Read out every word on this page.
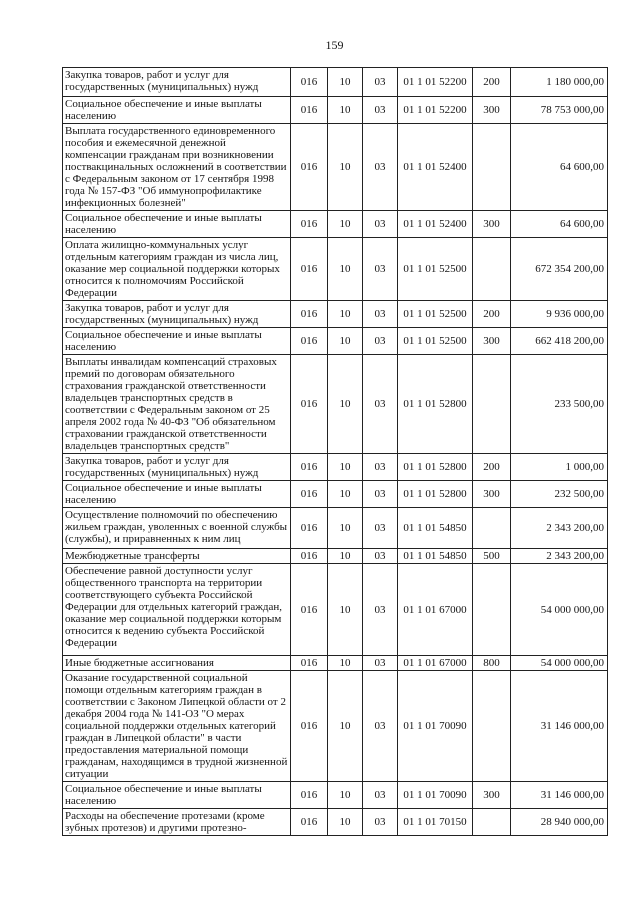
159
Закупка товаров, работ и услуг для государственных (муниципальных) нужд	016	10	03	01 1 01 52200	200	1 180 000,00
Социальное обеспечение и иные выплаты населению	016	10	03	01 1 01 52200	300	78 753 000,00
Выплата государственного единовременного пособия и ежемесячной денежной компенсации гражданам при возникновении поствакцинальных осложнений в соответствии с Федеральным законом от 17 сентября 1998 года № 157-ФЗ "Об иммунопрофилактике инфекционных болезней"	016	10	03	01 1 01 52400		64 600,00
Социальное обеспечение и иные выплаты населению	016	10	03	01 1 01 52400	300	64 600,00
Оплата жилищно-коммунальных услуг отдельным категориям граждан из числа лиц, оказание мер социальной поддержки которых относится к полномочиям Российской Федерации	016	10	03	01 1 01 52500		672 354 200,00
Закупка товаров, работ и услуг для государственных (муниципальных) нужд	016	10	03	01 1 01 52500	200	9 936 000,00
Социальное обеспечение и иные выплаты населению	016	10	03	01 1 01 52500	300	662 418 200,00
Выплаты инвалидам компенсаций страховых премий по договорам обязательного страхования гражданской ответственности владельцев транспортных средств в соответствии с Федеральным законом от 25 апреля 2002 года № 40-ФЗ "Об обязательном страховании гражданской ответственности владельцев транспортных средств"	016	10	03	01 1 01 52800		233 500,00
Закупка товаров, работ и услуг для государственных (муниципальных) нужд	016	10	03	01 1 01 52800	200	1 000,00
Социальное обеспечение и иные выплаты населению	016	10	03	01 1 01 52800	300	232 500,00
Осуществление полномочий по обеспечению жильем граждан, уволенных с военной службы (службы), и приравненных к ним лиц	016	10	03	01 1 01 54850		2 343 200,00
Межбюджетные трансферты	016	10	03	01 1 01 54850	500	2 343 200,00
Обеспечение равной доступности услуг общественного транспорта на территории соответствующего субъекта Российской Федерации для отдельных категорий граждан, оказание мер социальной поддержки которым относится к ведению субъекта Российской Федерации	016	10	03	01 1 01 67000		54 000 000,00
Иные бюджетные ассигнования	016	10	03	01 1 01 67000	800	54 000 000,00
Оказание государственной социальной помощи отдельным категориям граждан в соответствии с Законом Липецкой области от 2 декабря 2004 года № 141-ОЗ "О мерах социальной поддержки отдельных категорий граждан в Липецкой области" в части предоставления материальной помощи гражданам, находящимся в трудной жизненной ситуации	016	10	03	01 1 01 70090		31 146 000,00
Социальное обеспечение и иные выплаты населению	016	10	03	01 1 01 70090	300	31 146 000,00
Расходы на обеспечение протезами (кроме зубных протезов) и другими протезно-	016	10	03	01 1 01 70150		28 940 000,00
